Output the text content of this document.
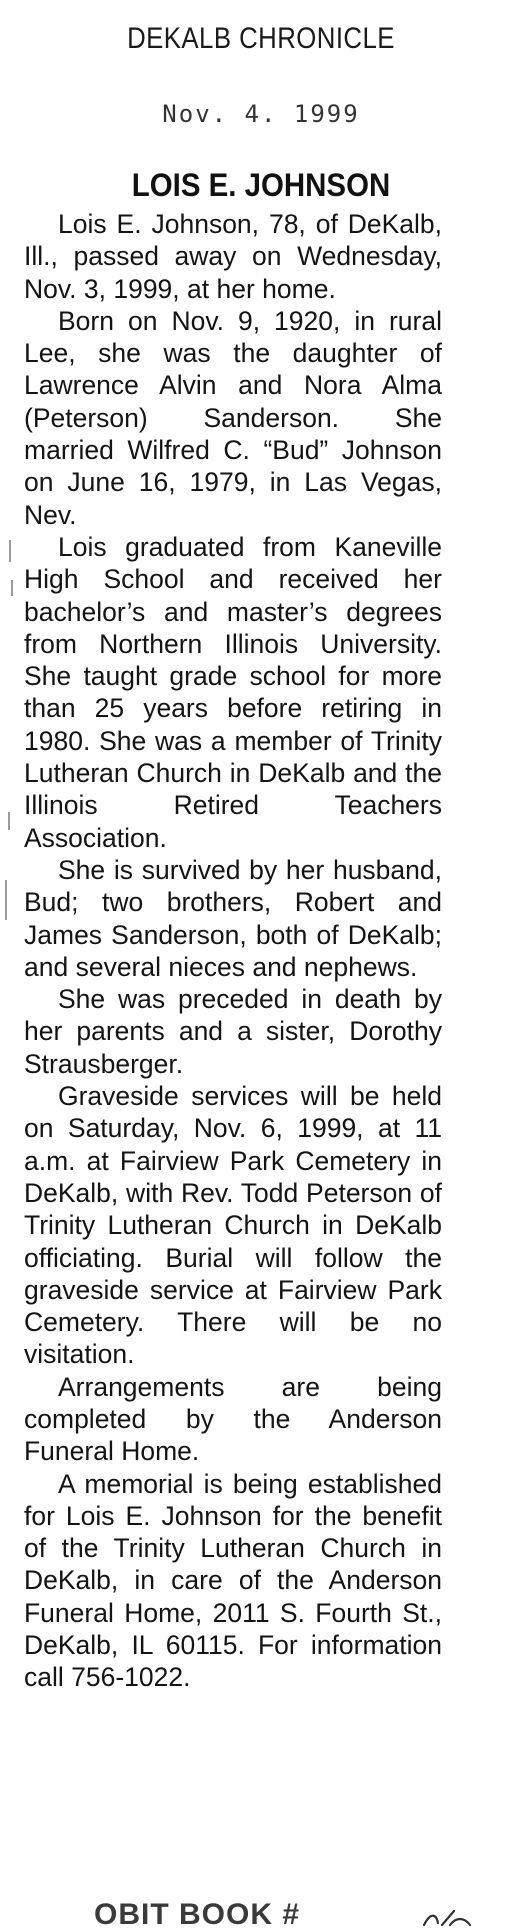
DEKALB CHRONICLE
Nov. 4. 1999
LOIS E. JOHNSON

Lois E. Johnson, 78, of DeKalb, Ill., passed away on Wednesday, Nov. 3, 1999, at her home.

Born on Nov. 9, 1920, in rural Lee, she was the daughter of Lawrence Alvin and Nora Alma (Peterson) Sanderson. She married Wilfred C. “Bud” Johnson on June 16, 1979, in Las Vegas, Nev.

Lois graduated from Kaneville High School and received her bachelor’s and master’s degrees from Northern Illinois University. She taught grade school for more than 25 years before retiring in 1980. She was a member of Trinity Lutheran Church in DeKalb and the Illinois Retired Teachers Association.

She is survived by her husband, Bud; two brothers, Robert and James Sanderson, both of DeKalb; and several nieces and nephews.

She was preceded in death by her parents and a sister, Dorothy Strausberger.

Graveside services will be held on Saturday, Nov. 6, 1999, at 11 a.m. at Fairview Park Cemetery in DeKalb, with Rev. Todd Peterson of Trinity Lutheran Church in DeKalb officiating. Burial will follow the graveside service at Fairview Park Cemetery. There will be no visitation.

Arrangements are being completed by the Anderson Funeral Home.

A memorial is being established for Lois E. Johnson for the benefit of the Trinity Lutheran Church in DeKalb, in care of the Anderson Funeral Home, 2011 S. Fourth St., DeKalb, IL 60115. For information call 756-1022.

OBIT BOOK #
